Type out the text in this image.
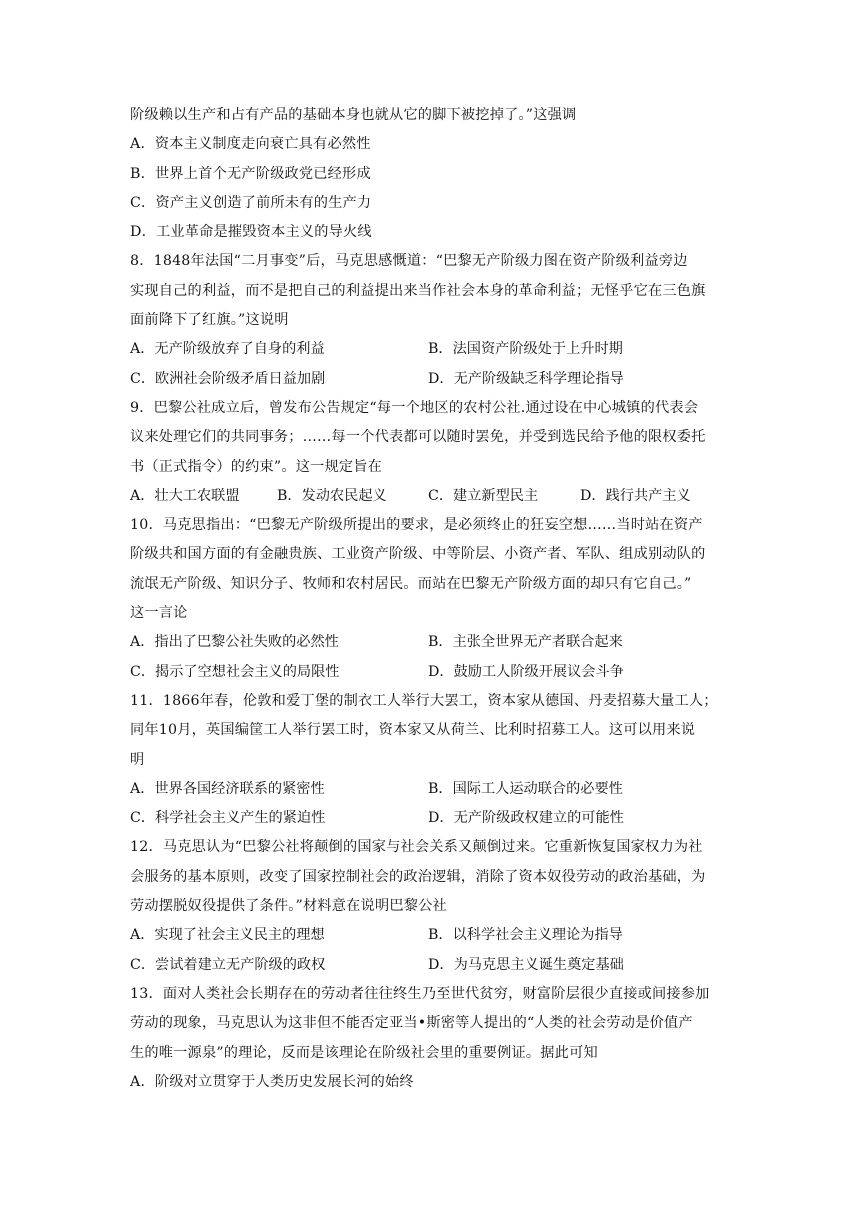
阶级赖以生产和占有产品的基础本身也就从它的脚下被挖掉了。”这强调
A．资本主义制度走向衰亡具有必然性
B．世界上首个无产阶级政党已经形成
C．资产主义创造了前所未有的生产力
D．工业革命是摧毁资本主义的导火线
8．1848年法国“二月事变”后，马克思感慨道：“巴黎无产阶级力图在资产阶级利益旁边
实现自己的利益，而不是把自己的利益提出来当作社会本身的革命利益；无怪乎它在三色旗
面前降下了红旗。”这说明
A．无产阶级放弃了自身的利益	B．法国资产阶级处于上升时期
C．欧洲社会阶级矛盾日益加剧	D．无产阶级缺乏科学理论指导
9．巴黎公社成立后，曾发布公告规定“每一个地区的农村公社.通过设在中心城镇的代表会
议来处理它们的共同事务；……每一个代表都可以随时罢免，并受到选民给予他的限权委托
书（正式指令）的约束”。这一规定旨在
A．壮大工农联盟	B．发动农民起义	C．建立新型民主	D．践行共产主义
10．马克思指出：“巴黎无产阶级所提出的要求，是必须终止的狂妄空想……当时站在资产
阶级共和国方面的有金融贵族、工业资产阶级、中等阶层、小资产者、军队、组成别动队的
流氓无产阶级、知识分子、牧师和农村居民。而站在巴黎无产阶级方面的却只有它自己。”
这一言论
A．指出了巴黎公社失败的必然性	B．主张全世界无产者联合起来
C．揭示了空想社会主义的局限性	D．鼓励工人阶级开展议会斗争
11．1866年春，伦敦和爱丁堡的制衣工人举行大罢工，资本家从德国、丹麦招募大量工人；
同年10月，英国编筐工人举行罢工时，资本家又从荷兰、比利时招募工人。这可以用来说
明
A．世界各国经济联系的紧密性	B．国际工人运动联合的必要性
C．科学社会主义产生的紧迫性	D．无产阶级政权建立的可能性
12．马克思认为“巴黎公社将颠倒的国家与社会关系又颠倒过来。它重新恢复国家权力为社
会服务的基本原则，改变了国家控制社会的政治逻辑，消除了资本奴役劳动的政治基础，为
劳动摆脱奴役提供了条件。”材料意在说明巴黎公社
A．实现了社会主义民主的理想	B．以科学社会主义理论为指导
C．尝试着建立无产阶级的政权	D．为马克思主义诞生奠定基础
13．面对人类社会长期存在的劳动者往往终生乃至世代贫穷，财富阶层很少直接或间接参加
劳动的现象，马克思认为这非但不能否定亚当•斯密等人提出的“人类的社会劳动是价值产
生的唯一源泉”的理论，反而是该理论在阶级社会里的重要例证。据此可知
A．阶级对立贯穿于人类历史发展长河的始终
